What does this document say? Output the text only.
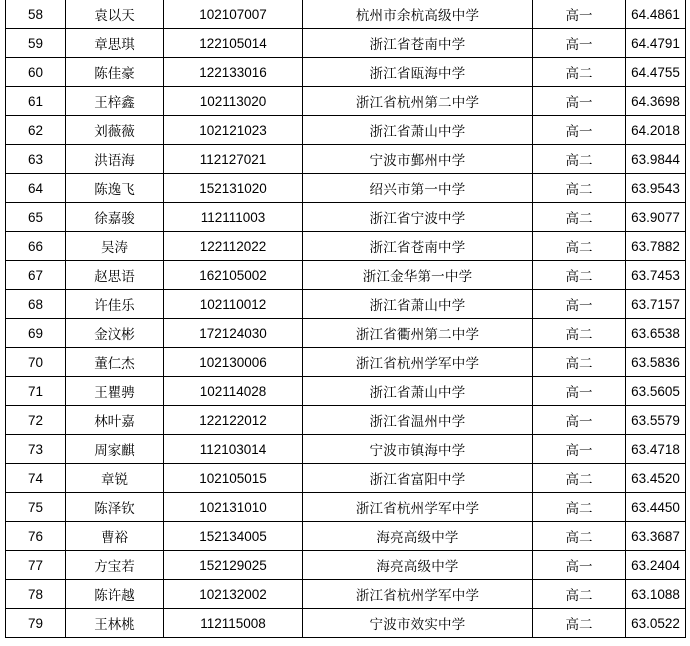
58	袁以天	102107007	杭州市余杭高级中学	高一	64.4861
59	章思琪	122105014	浙江省苍南中学	高一	64.4791
60	陈佳豪	122133016	浙江省瓯海中学	高二	64.4755
61	王梓鑫	102113020	浙江省杭州第二中学	高一	64.3698
62	刘薇薇	102121023	浙江省萧山中学	高一	64.2018
63	洪语海	112127021	宁波市鄞州中学	高二	63.9844
64	陈逸飞	152131020	绍兴市第一中学	高二	63.9543
65	徐嘉骏	112111003	浙江省宁波中学	高二	63.9077
66	吴涛	122112022	浙江省苍南中学	高二	63.7882
67	赵思语	162105002	浙江金华第一中学	高二	63.7453
68	许佳乐	102110012	浙江省萧山中学	高一	63.7157
69	金汶彬	172124030	浙江省衢州第二中学	高二	63.6538
70	董仁杰	102130006	浙江省杭州学军中学	高二	63.5836
71	王瞿骋	102114028	浙江省萧山中学	高一	63.5605
72	林叶嘉	122122012	浙江省温州中学	高一	63.5579
73	周家麒	112103014	宁波市镇海中学	高一	63.4718
74	章锐	102105015	浙江省富阳中学	高二	63.4520
75	陈泽钦	102131010	浙江省杭州学军中学	高二	63.4450
76	曹裕	152134005	海亮高级中学	高二	63.3687
77	方宝若	152129025	海亮高级中学	高一	63.2404
78	陈许越	102132002	浙江省杭州学军中学	高二	63.1088
79	王林桃	112115008	宁波市效实中学	高二	63.0522
